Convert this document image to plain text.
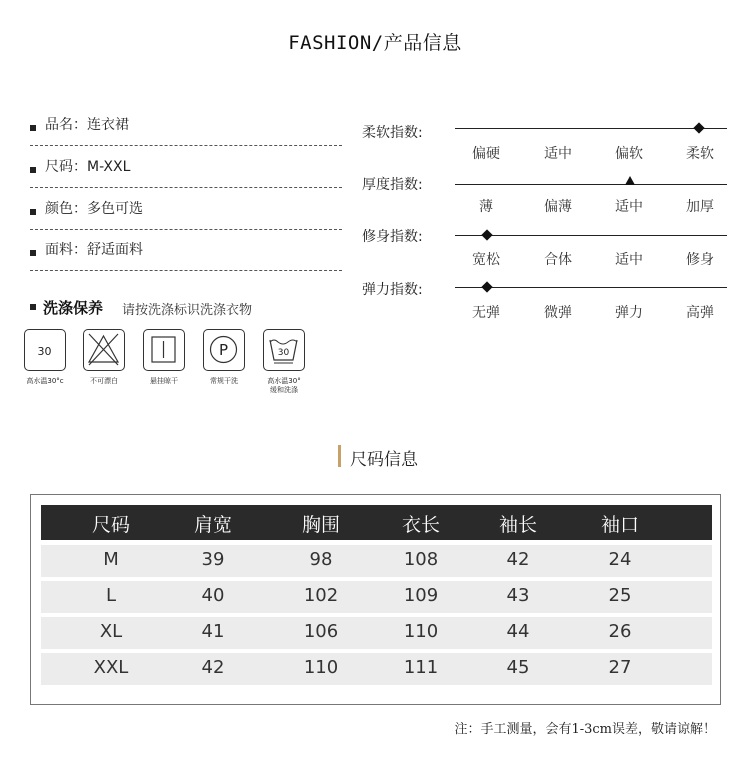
FASHION/产品信息
品名：连衣裙
尺码：M-XXL
颜色：多色可选
面料：舒适面料
洗涤保养 请按洗涤标识洗涤衣物
30	P	30
高水温30°c	不可漂白	悬挂晾干	常规干洗	高水温30°
缓和洗涤
柔软指数:
偏硬	适中	偏软	柔软
厚度指数:
薄	偏薄	适中	加厚
修身指数:
宽松	合体	适中	修身
弹力指数:
无弹	微弹	弹力	高弹
尺码信息
尺码	肩宽	胸围	衣长	袖长	袖口
M	39	98	108	42	24
L	40	102	109	43	25
XL	41	106	110	44	26
XXL	42	110	111	45	27
注：手工测量，会有1-3cm误差，敬请谅解！
